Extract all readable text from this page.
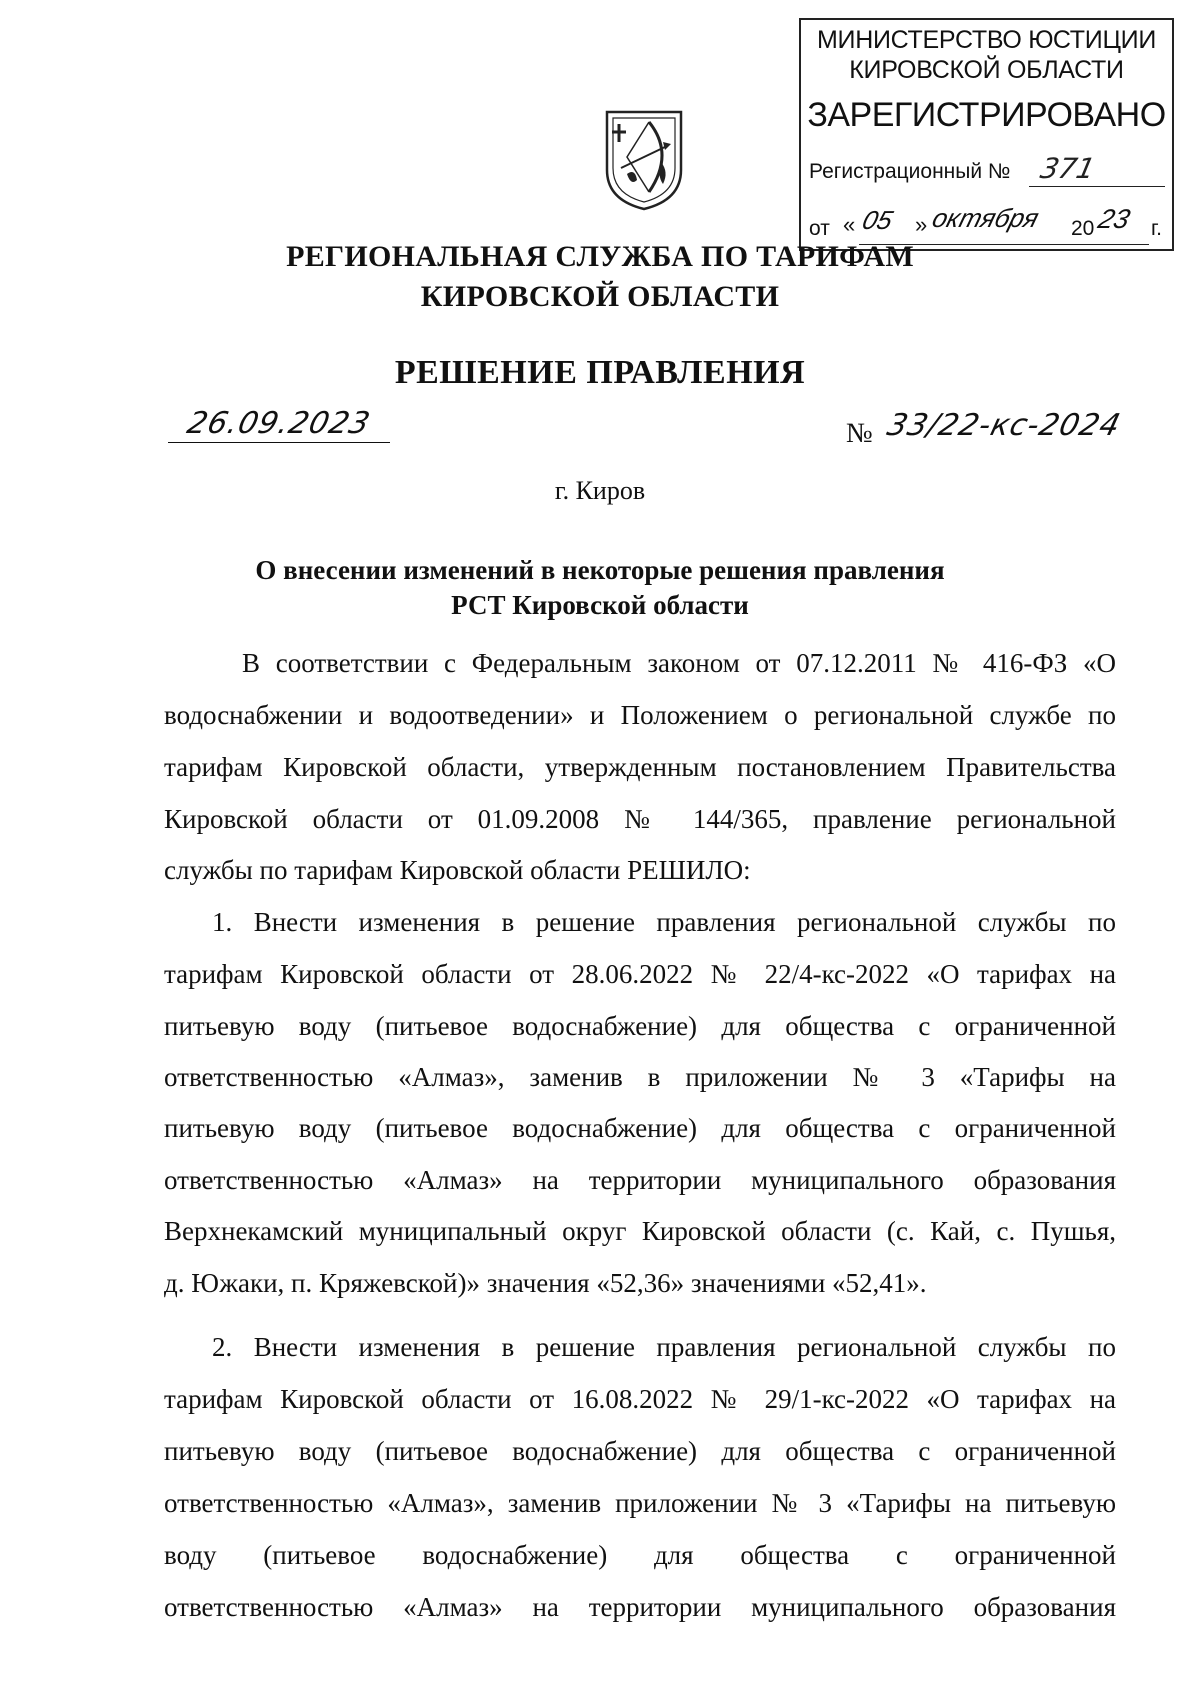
МИНИСТЕРСТВО ЮСТИЦИИ
КИРОВСКОЙ ОБЛАСТИ
ЗАРЕГИСТРИРОВАНО
Регистрационный № 371
от « 05 » октября 20 23 г.
РЕГИОНАЛЬНАЯ СЛУЖБА ПО ТАРИФАМ
КИРОВСКОЙ ОБЛАСТИ
РЕШЕНИЕ ПРАВЛЕНИЯ
26.09.2023	№ 33/22-кс-2024
г. Киров
О внесении изменений в некоторые решения правления
РСТ Кировской области
В соответствии с Федеральным законом от 07.12.2011 № 416-ФЗ «О
водоснабжении и водоотведении» и Положением о региональной службе по
тарифам Кировской области, утвержденным постановлением Правительства
Кировской области от 01.09.2008 № 144/365, правление региональной
службы по тарифам Кировской области РЕШИЛО:
1. Внести изменения в решение правления региональной службы по
тарифам Кировской области от 28.06.2022 № 22/4-кс-2022 «О тарифах на
питьевую воду (питьевое водоснабжение) для общества с ограниченной
ответственностью «Алмаз», заменив в приложении № 3 «Тарифы на
питьевую воду (питьевое водоснабжение) для общества с ограниченной
ответственностью «Алмаз» на территории муниципального образования
Верхнекамский муниципальный округ Кировской области (с. Кай, с. Пушья,
д. Южаки, п. Кряжевской)» значения «52,36» значениями «52,41».
2. Внести изменения в решение правления региональной службы по
тарифам Кировской области от 16.08.2022 № 29/1-кс-2022 «О тарифах на
питьевую воду (питьевое водоснабжение) для общества с ограниченной
ответственностью «Алмаз», заменив приложении № 3 «Тарифы на питьевую
воду (питьевое водоснабжение) для общества с ограниченной
ответственностью «Алмаз» на территории муниципального образования
